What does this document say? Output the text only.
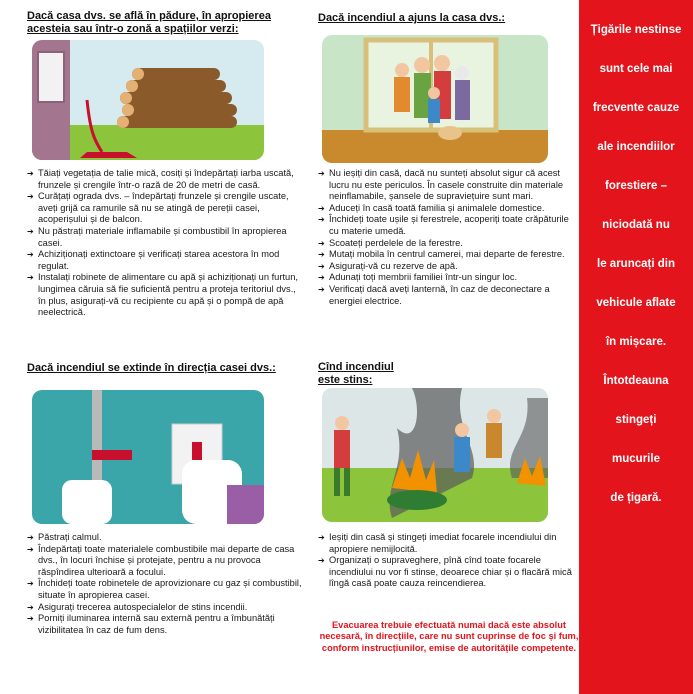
Țigările nestinse
sunt cele mai
frecvente cauze
ale incendiilor
forestiere –
niciodată nu
le aruncați din
vehicule aflate
în mișcare.
Întotdeauna
stingeți
mucurile
de țigară.
Dacă casa dvs. se află în pădure, în apropierea acesteia sau într-o zonă a spațiilor verzi:
➔ Tăiați vegetația de talie mică, cosiți și îndepărtați iarba uscată, frunzele și crengile într-o rază de 20 de metri de casă.
➔ Curățați ograda dvs. – îndepărtați frunzele și crengile uscate, aveți grijă ca ramurile să nu se atingă de pereții casei, acoperișului și de balcon.
➔ Nu păstrați materiale inflamabile și combustibil în apropierea casei.
➔ Achiziționați extinctoare și verificați starea acestora în mod regulat.
➔ Instalați robinete de alimentare cu apă și achiziționați un furtun, lungimea căruia să fie suficientă pentru a proteja teritoriul dvs., în plus, asigurați-vă cu recipiente cu apă și o pompă de apă neelectrică.
Dacă incendiul a ajuns la casa dvs.:
➔ Nu ieșiți din casă, dacă nu sunteți absolut sigur că acest lucru nu este periculos. În casele construite din materiale neinflamabile, șansele de supraviețuire sunt mari.
➔ Aduceți în casă toată familia și animalele domestice.
➔ Închideți toate ușile și ferestrele, acoperiți toate crăpăturile cu materie umedă.
➔ Scoateți perdelele de la ferestre.
➔ Mutați mobila în centrul camerei, mai departe de ferestre.
➔ Asigurați-vă cu rezerve de apă.
➔ Adunați toți membrii familiei într-un singur loc.
➔ Verificați dacă aveți lanternă, în caz de deconectare a energiei electrice.
Dacă incendiul se extinde în direcția casei dvs.:
➔ Păstrați calmul.
➔ Îndepărtați toate materialele combustibile mai departe de casa dvs., în locuri închise și protejate, pentru a nu provoca răspîndirea ulterioară a focului.
➔ Închideți toate robinetele de aprovizionare cu gaz și combustibil, situate în apropierea casei.
➔ Asigurați trecerea autospecialelor de stins incendii.
➔ Porniți iluminarea internă sau externă pentru a îmbunătăți vizibilitatea în caz de fum dens.
Cînd incendiul
este stins:
➔ Ieșiți din casă și stingeți imediat focarele incendiului din apropiere nemijlocită.
➔ Organizați o supraveghere, pînă cînd toate focarele incendiului nu vor fi stinse, deoarece chiar și o flacără mică lîngă casă poate cauza reincendierea.
Evacuarea trebuie efectuată numai dacă este absolut necesară, în direcțiile, care nu sunt cuprinse de foc și fum, conform instrucțiunilor, emise de autoritățile competente.
